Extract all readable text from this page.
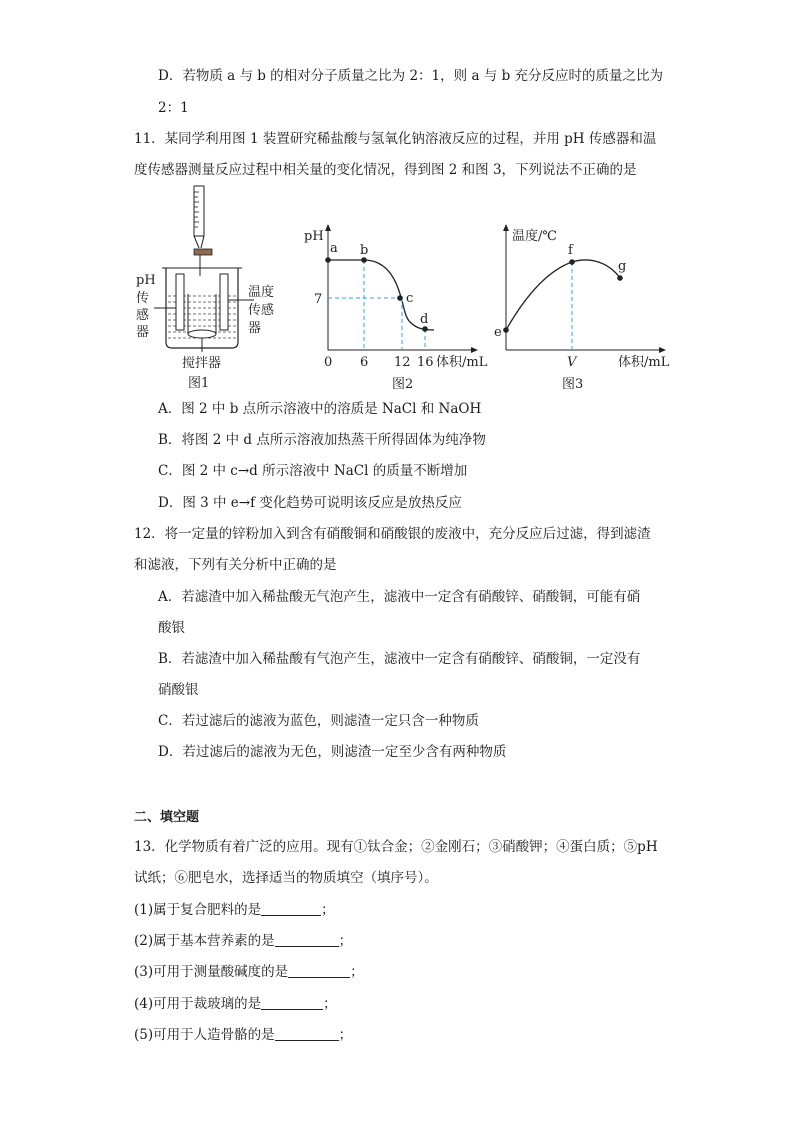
D．若物质 a 与 b 的相对分子质量之比为 2：1，则 a 与 b 充分反应时的质量之比为
2：1
11．某同学利用图 1 装置研究稀盐酸与氢氧化钠溶液反应的过程，并用 pH 传感器和温
度传感器测量反应过程中相关量的变化情况，得到图 2 和图 3，下列说法不正确的是
pH
传
感
器
温度
传感
器
搅拌器
图1
pH
a b
c
d
7
0 6 12 16 体积/mL
图2
温度/℃
e
f
g
V	体积/mL
图3
A．图 2 中 b 点所示溶液中的溶质是 NaCl 和 NaOH
B．将图 2 中 d 点所示溶液加热蒸干所得固体为纯净物
C．图 2 中 c→d 所示溶液中 NaCl 的质量不断增加
D．图 3 中 e→f 变化趋势可说明该反应是放热反应
12．将一定量的锌粉加入到含有硝酸铜和硝酸银的废液中，充分反应后过滤，得到滤渣
和滤液，下列有关分析中正确的是
A．若滤渣中加入稀盐酸无气泡产生，滤液中一定含有硝酸锌、硝酸铜，可能有硝
酸银
B．若滤渣中加入稀盐酸有气泡产生，滤液中一定含有硝酸锌、硝酸铜，一定没有
硝酸银
C．若过滤后的滤液为蓝色，则滤渣一定只含一种物质
D．若过滤后的滤液为无色，则滤渣一定至少含有两种物质
二、填空题
13．化学物质有着广泛的应用。现有①钛合金；②金刚石；③硝酸钾；④蛋白质；⑤pH
试纸；⑥肥皂水，选择适当的物质填空（填序号）。
(1)属于复合肥料的是	；
(2)属于基本营养素的是	；
(3)可用于测量酸碱度的是	；
(4)可用于裁玻璃的是	；
(5)可用于人造骨骼的是	；
